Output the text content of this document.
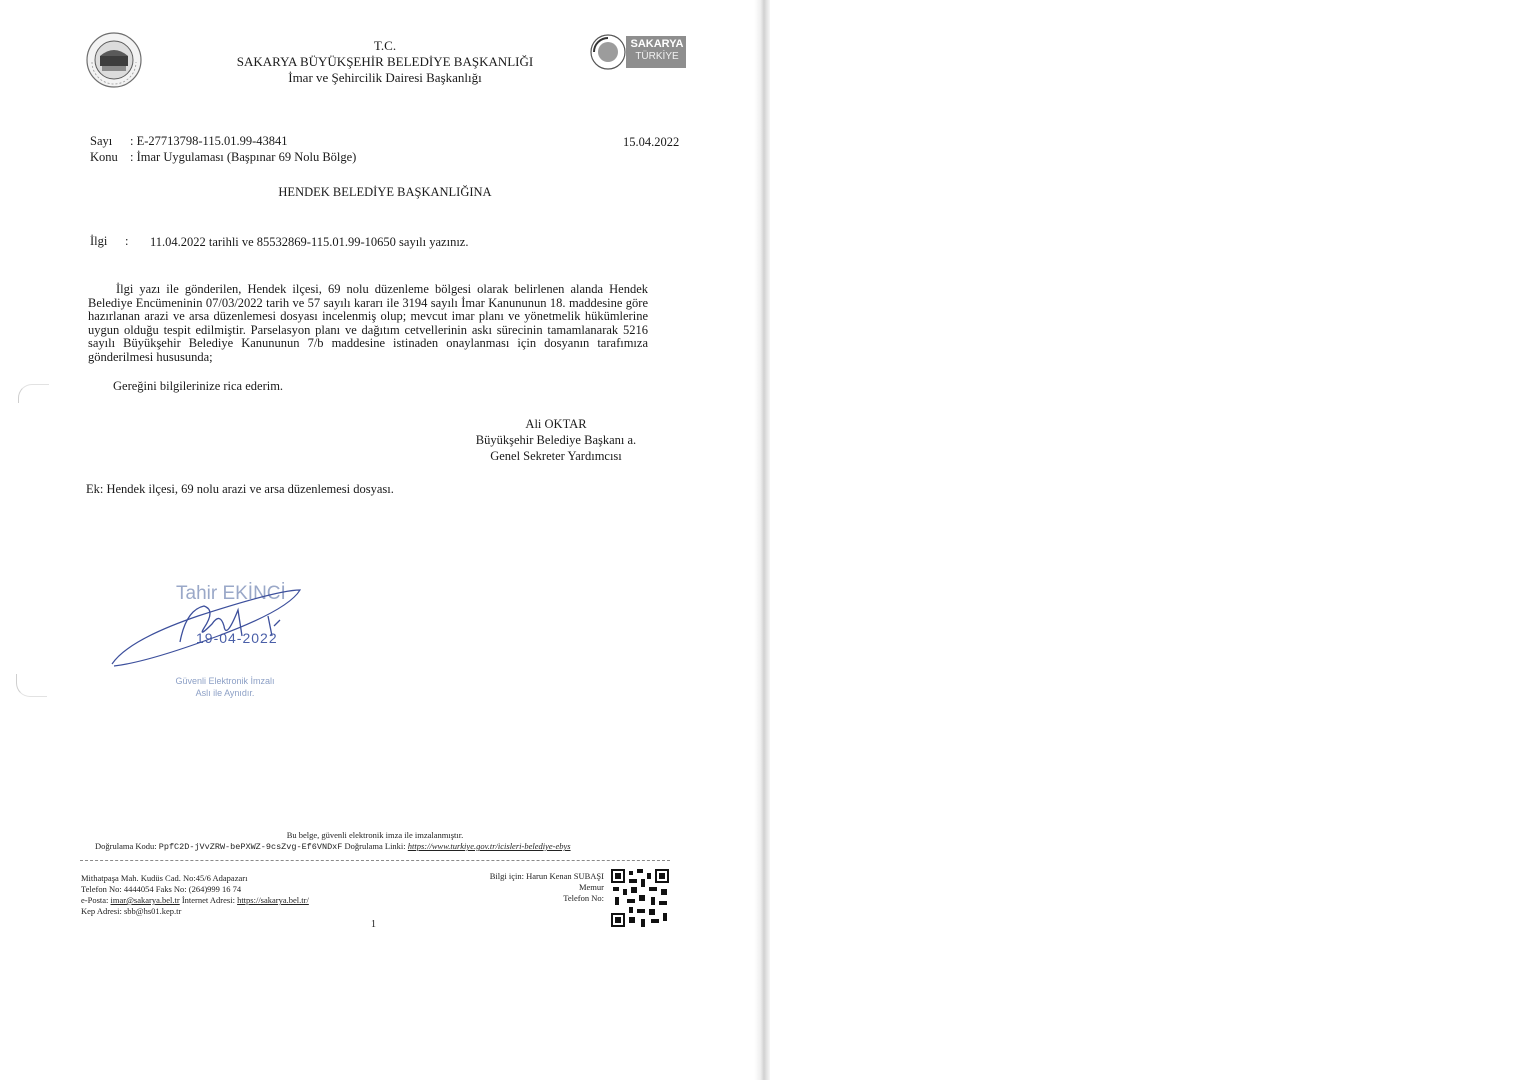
T.C.
SAKARYA BÜYÜKŞEHİR BELEDİYE BAŞKANLIĞI
İmar ve Şehircilik Dairesi Başkanlığı
SAKARYA
TÜRKİYE
Sayı : E-27713798-115.01.99-43841
Konu : İmar Uygulaması (Başpınar 69 Nolu Bölge)
15.04.2022
HENDEK BELEDİYE BAŞKANLIĞINA
İlgi : 11.04.2022 tarihli ve 85532869-115.01.99-10650 sayılı yazınız.

İlgi yazı ile gönderilen, Hendek ilçesi, 69 nolu düzenleme bölgesi olarak belirlenen alanda Hendek Belediye Encümeninin 07/03/2022 tarih ve 57 sayılı kararı ile 3194 sayılı İmar Kanununun 18. maddesine göre hazırlanan arazi ve arsa düzenlemesi dosyası incelenmiş olup; mevcut imar planı ve yönetmelik hükümlerine uygun olduğu tespit edilmiştir. Parselasyon planı ve dağıtım cetvellerinin askı sürecinin tamamlanarak 5216 sayılı Büyükşehir Belediye Kanununun 7/b maddesine istinaden onaylanması için dosyanın tarafımıza gönderilmesi hususunda;

Gereğini bilgilerinize rica ederim.
Ali OKTAR
Büyükşehir Belediye Başkanı a.
Genel Sekreter Yardımcısı
Ek: Hendek ilçesi, 69 nolu arazi ve arsa düzenlemesi dosyası.
Tahir EKİNCİ
19-04-2022
Güvenli Elektronik İmzalı
Aslı ile Aynıdır.
Bu belge, güvenli elektronik imza ile imzalanmıştır.
Doğrulama Kodu: PpfC2D-jVvZRW-bePXWZ-9csZvg-Ef6VNDxF Doğrulama Linki: https://www.turkiye.gov.tr/icisleri-belediye-ebys
Mithatpaşa Mah. Kudüs Cad. No:45/6 Adapazarı
Telefon No: 4444054 Faks No: (264)999 16 74
e-Posta: imar@sakarya.bel.tr İnternet Adresi: https://sakarya.bel.tr/
Kep Adresi: sbb@hs01.kep.tr
Bilgi için: Harun Kenan SUBAŞI
Memur
Telefon No:
1
